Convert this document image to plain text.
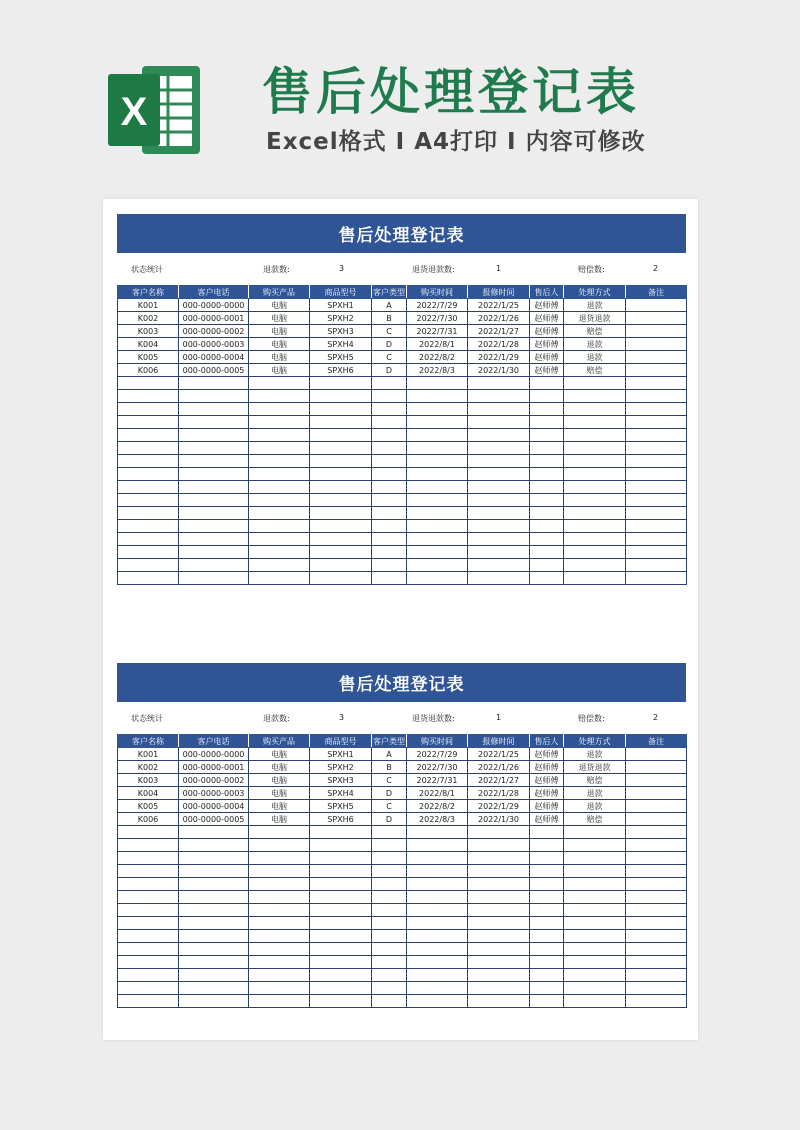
X 售后处理登记表
Excel格式 I A4打印 I 内容可修改
售后处理登记表
状态统计	退款数:	3	退货退款数:	1	赔偿数:	2
客户名称	客户电话	购买产品	商品型号	客户类型	购买时间	报修时间	售后人	处理方式	备注
K001	000-0000-0000	电脑	SPXH1	A	2022/7/29	2022/1/25	赵师傅	退款	
K002	000-0000-0001	电脑	SPXH2	B	2022/7/30	2022/1/26	赵师傅	退货退款	
K003	000-0000-0002	电脑	SPXH3	C	2022/7/31	2022/1/27	赵师傅	赔偿	
K004	000-0000-0003	电脑	SPXH4	D	2022/8/1	2022/1/28	赵师傅	退款	
K005	000-0000-0004	电脑	SPXH5	C	2022/8/2	2022/1/29	赵师傅	退款	
K006	000-0000-0005	电脑	SPXH6	D	2022/8/3	2022/1/30	赵师傅	赔偿	

售后处理登记表
状态统计	退款数:	3	退货退款数:	1	赔偿数:	2
客户名称	客户电话	购买产品	商品型号	客户类型	购买时间	报修时间	售后人	处理方式	备注
K001	000-0000-0000	电脑	SPXH1	A	2022/7/29	2022/1/25	赵师傅	退款	
K002	000-0000-0001	电脑	SPXH2	B	2022/7/30	2022/1/26	赵师傅	退货退款	
K003	000-0000-0002	电脑	SPXH3	C	2022/7/31	2022/1/27	赵师傅	赔偿	
K004	000-0000-0003	电脑	SPXH4	D	2022/8/1	2022/1/28	赵师傅	退款	
K005	000-0000-0004	电脑	SPXH5	C	2022/8/2	2022/1/29	赵师傅	退款	
K006	000-0000-0005	电脑	SPXH6	D	2022/8/3	2022/1/30	赵师傅	赔偿	
